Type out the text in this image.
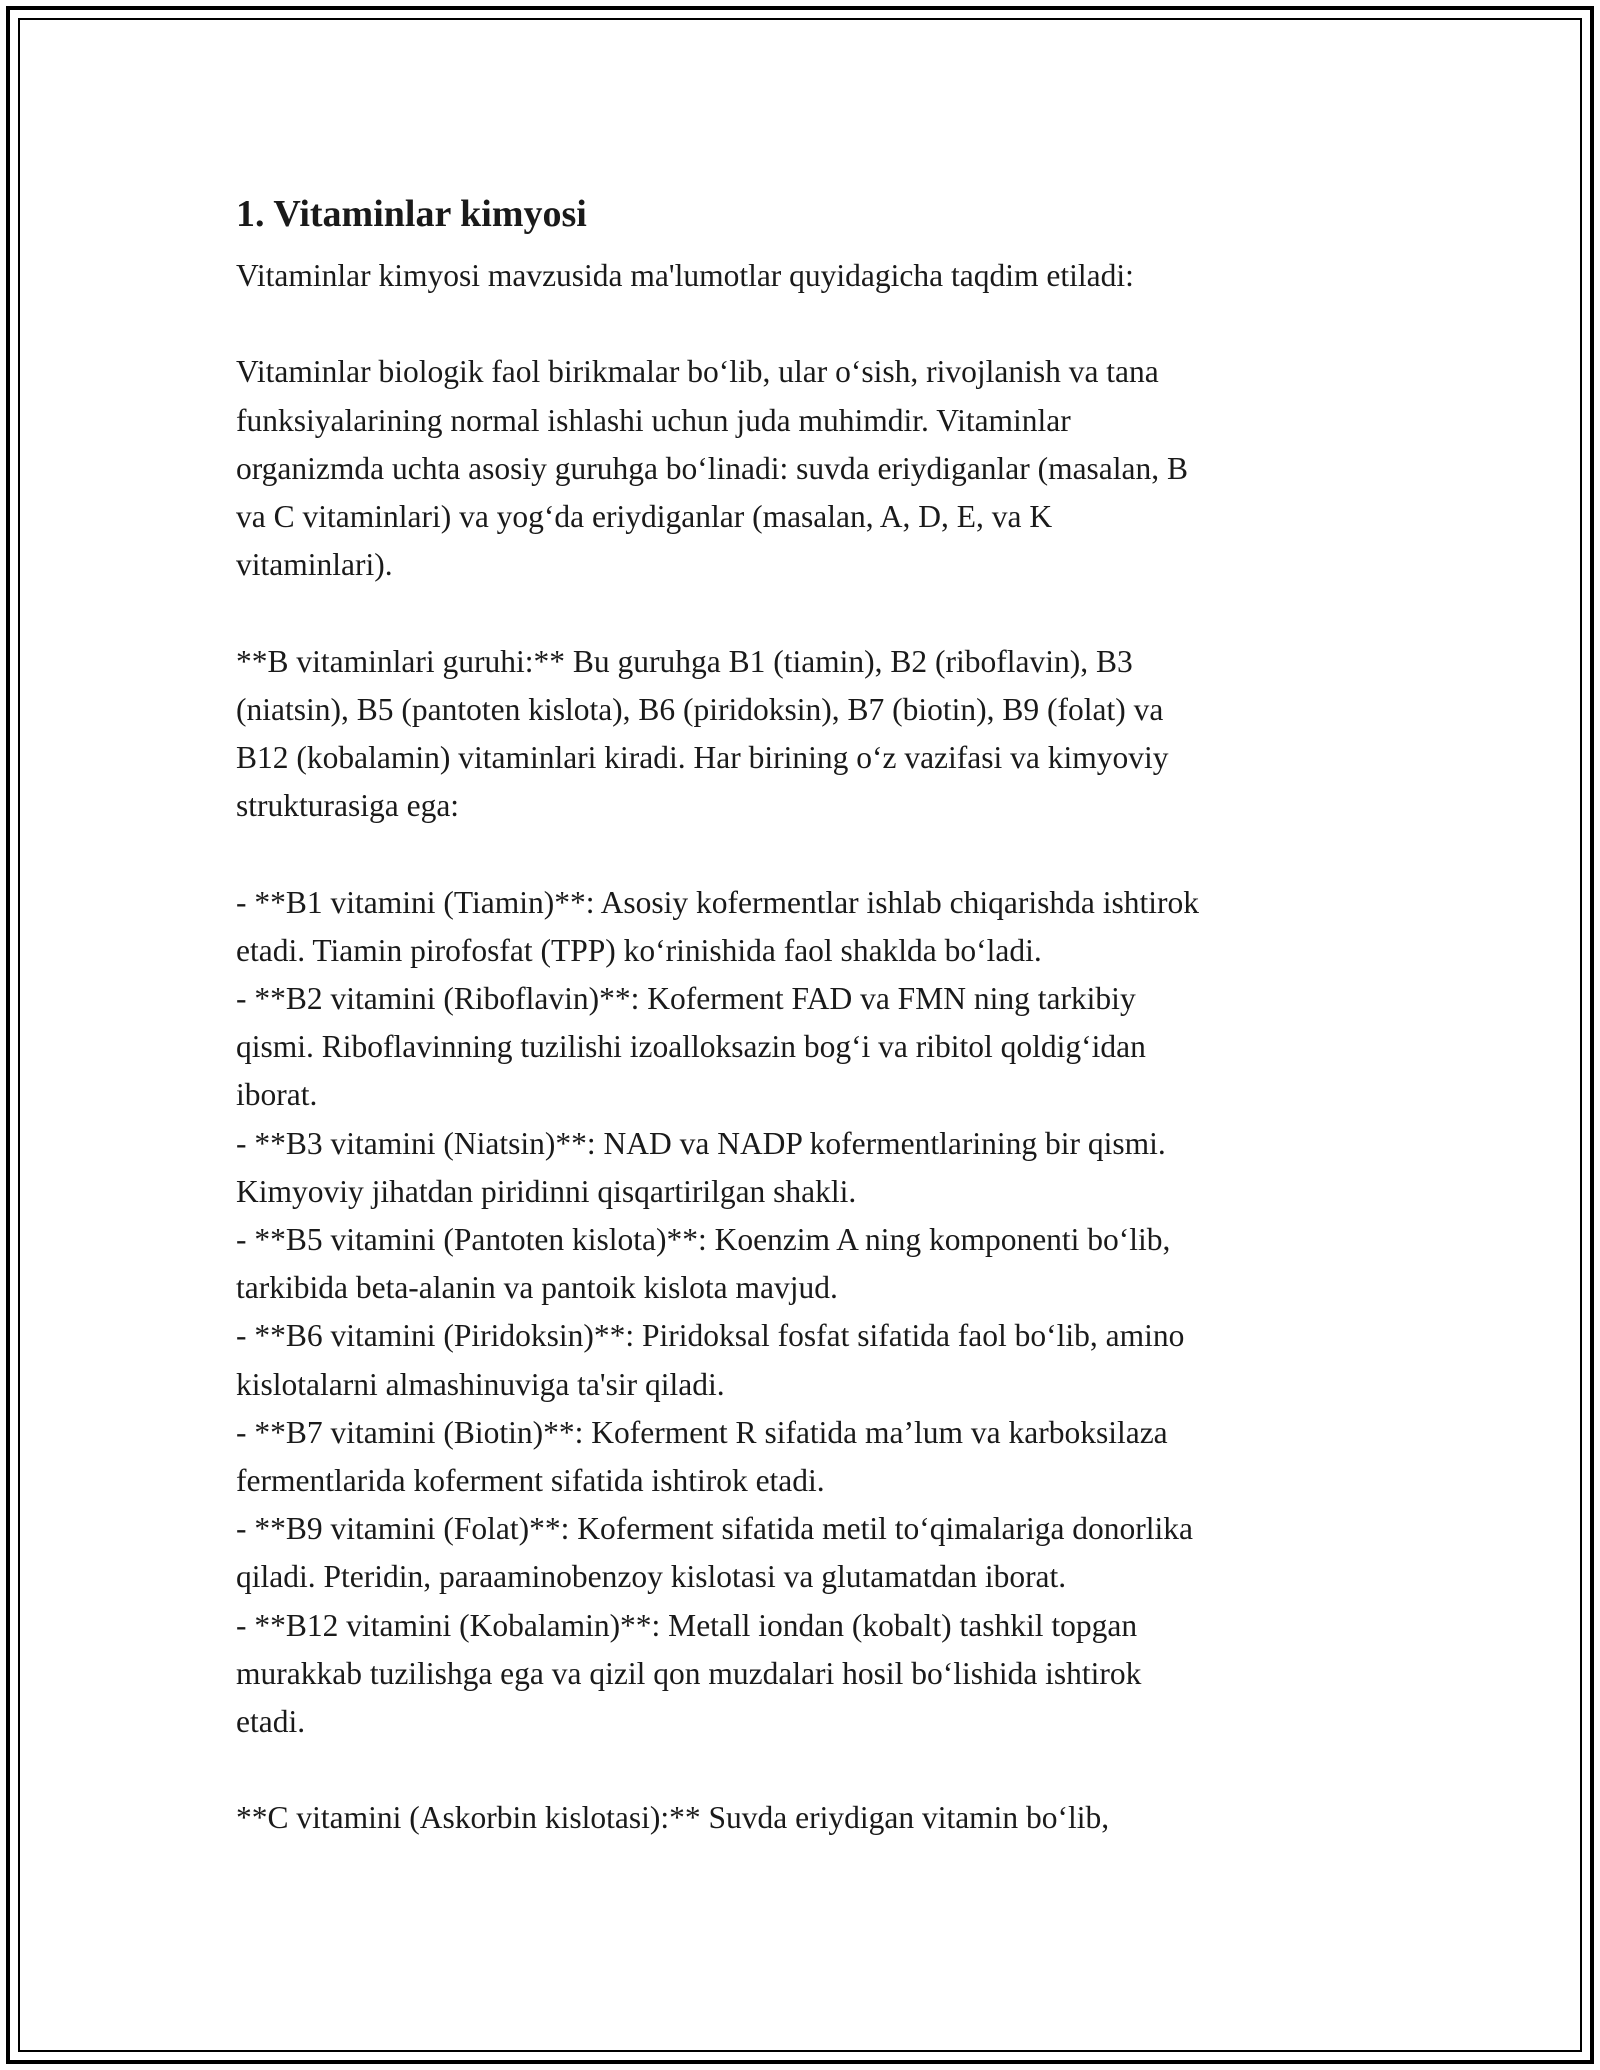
1. Vitaminlar kimyosi

Vitaminlar kimyosi mavzusida ma'lumotlar quyidagicha taqdim etiladi:

Vitaminlar biologik faol birikmalar bo‘lib, ular o‘sish, rivojlanish va tana
funksiyalarining normal ishlashi uchun juda muhimdir. Vitaminlar
organizmda uchta asosiy guruhga bo‘linadi: suvda eriydiganlar (masalan, B
va C vitaminlari) va yog‘da eriydiganlar (masalan, A, D, E, va K
vitaminlari).

**B vitaminlari guruhi:** Bu guruhga B1 (tiamin), B2 (riboflavin), B3
(niatsin), B5 (pantoten kislota), B6 (piridoksin), B7 (biotin), B9 (folat) va
B12 (kobalamin) vitaminlari kiradi. Har birining o‘z vazifasi va kimyoviy
strukturasiga ega:

- **B1 vitamini (Tiamin)**: Asosiy kofermentlar ishlab chiqarishda ishtirok
etadi. Tiamin pirofosfat (TPP) ko‘rinishida faol shaklda bo‘ladi.

- **B2 vitamini (Riboflavin)**: Koferment FAD va FMN ning tarkibiy
qismi. Riboflavinning tuzilishi izoalloksazin bog‘i va ribitol qoldig‘idan
iborat.

- **B3 vitamini (Niatsin)**: NAD va NADP kofermentlarining bir qismi.
Kimyoviy jihatdan piridinni qisqartirilgan shakli.

- **B5 vitamini (Pantoten kislota)**: Koenzim A ning komponenti bo‘lib,
tarkibida beta-alanin va pantoik kislota mavjud.

- **B6 vitamini (Piridoksin)**: Piridoksal fosfat sifatida faol bo‘lib, amino
kislotalarni almashinuviga ta'sir qiladi.

- **B7 vitamini (Biotin)**: Koferment R sifatida ma’lum va karboksilaza
fermentlarida koferment sifatida ishtirok etadi.

- **B9 vitamini (Folat)**: Koferment sifatida metil to‘qimalariga donorlika
qiladi. Pteridin, paraaminobenzoy kislotasi va glutamatdan iborat.

- **B12 vitamini (Kobalamin)**: Metall iondan (kobalt) tashkil topgan
murakkab tuzilishga ega va qizil qon muzdalari hosil bo‘lishida ishtirok
etadi.

**C vitamini (Askorbin kislotasi):** Suvda eriydigan vitamin bo‘lib,
